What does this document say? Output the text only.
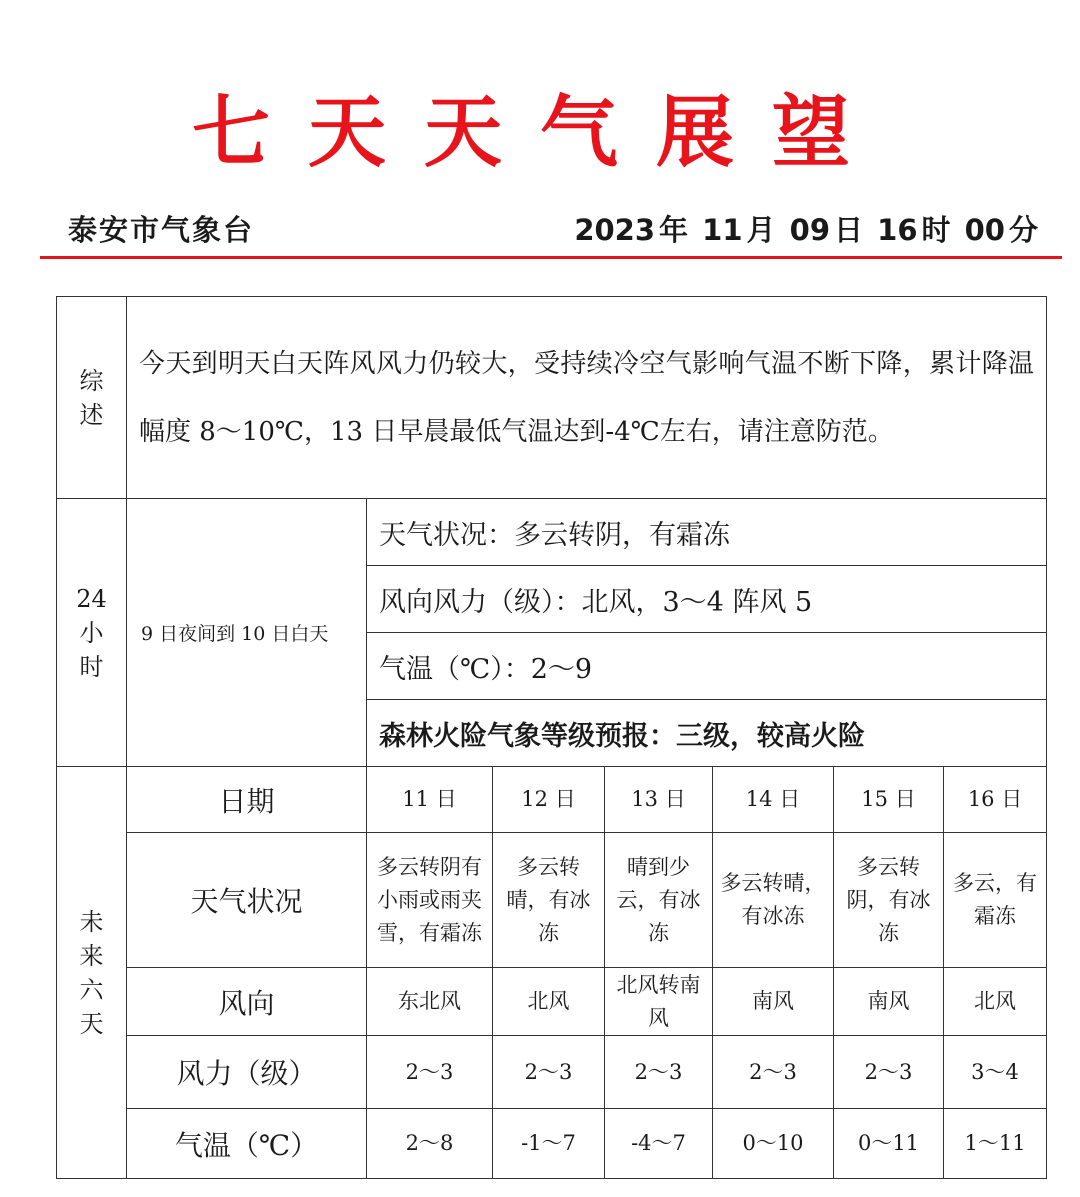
七天天气展望
泰安市气象台	2023 年 11 月 09 日 16 时 00 分
综
述	今天到明天白天阵风风力仍较大，受持续冷空气影响气温不断下降，累计降温幅度 8～10℃，13 日早晨最低气温达到-4℃左右，请注意防范。						

24
小
时	9 日夜间到 10 日白天	天气状况：多云转阴，有霜冻					
		风向风力（级）：北风，3～4 阵风 5					
		气温（℃）：2～9					
		森林火险气象等级预报：三级，较高火险					

未
来
六
天	日期	11 日	12 日	13 日	14 日	15 日	16 日

	天气状况	多云转阴有小雨或雨夹雪，有霜冻	多云转晴，有冰冻	晴到少云，有冰冻	多云转晴，有冰冻	多云转阴，有冰冻	多云，有霜冻

	风向	东北风	北风	北风转南风	南风	南风	北风

	风力（级）	2～3	2～3	2～3	2～3	2～3	3～4

	气温（℃）	2～8	-1～7	-4～7	0～10	0～11	1～11
